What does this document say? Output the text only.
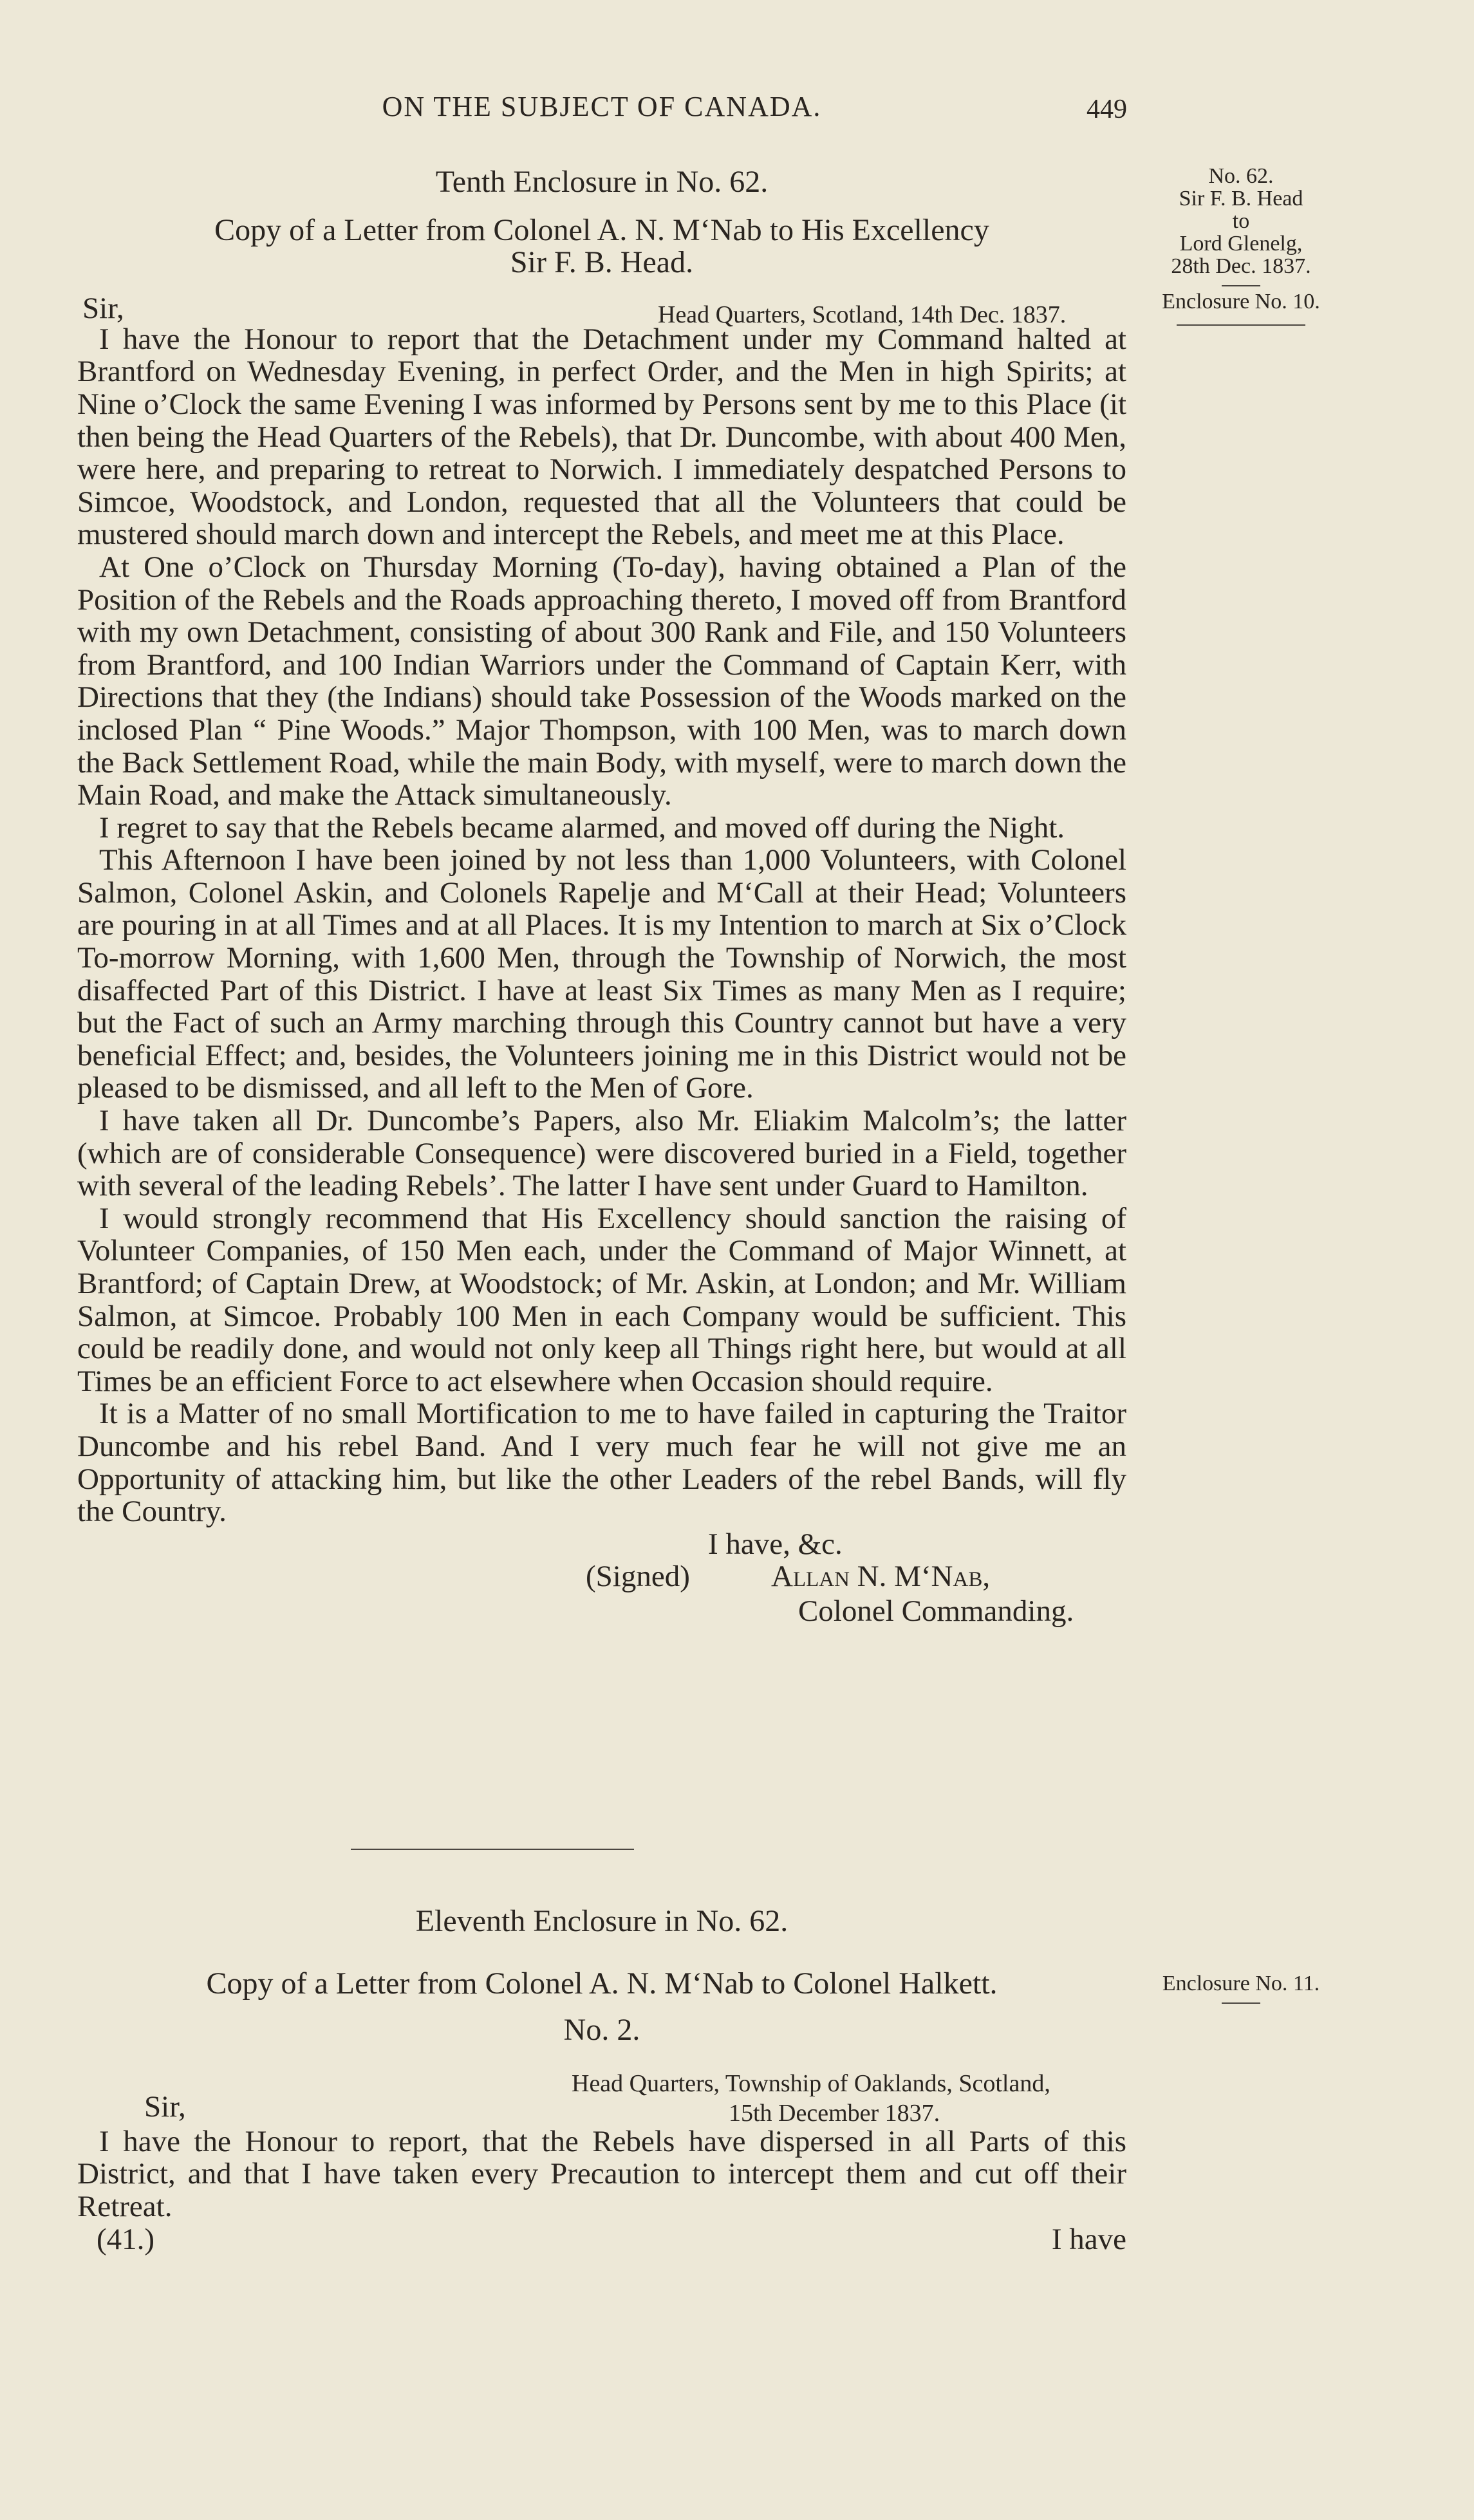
ON THE SUBJECT OF CANADA.	449
Tenth Enclosure in No. 62.
Copy of a Letter from Colonel A. N. M‘Nab to His Excellency
Sir F. B. Head.
Sir,	Head Quarters, Scotland, 14th Dec. 1837.

I have the Honour to report that the Detachment under my Command halted at Brantford on Wednesday Evening, in perfect Order, and the Men in high Spirits; at Nine o’Clock the same Evening I was informed by Persons sent by me to this Place (it then being the Head Quarters of the Rebels), that Dr. Duncombe, with about 400 Men, were here, and preparing to retreat to Norwich. I immediately despatched Persons to Simcoe, Woodstock, and London, requested that all the Volunteers that could be mustered should march down and intercept the Rebels, and meet me at this Place.

At One o’Clock on Thursday Morning (To-day), having obtained a Plan of the Position of the Rebels and the Roads approaching thereto, I moved off from Brantford with my own Detachment, consisting of about 300 Rank and File, and 150 Volunteers from Brantford, and 100 Indian Warriors under the Command of Captain Kerr, with Directions that they (the Indians) should take Possession of the Woods marked on the inclosed Plan “ Pine Woods.” Major Thompson, with 100 Men, was to march down the Back Settlement Road, while the main Body, with myself, were to march down the Main Road, and make the Attack simultaneously.

I regret to say that the Rebels became alarmed, and moved off during the Night.

This Afternoon I have been joined by not less than 1,000 Volunteers, with Colonel Salmon, Colonel Askin, and Colonels Rapelje and M‘Call at their Head; Volunteers are pouring in at all Times and at all Places. It is my Intention to march at Six o’Clock To-morrow Morning, with 1,600 Men, through the Township of Norwich, the most disaffected Part of this District. I have at least Six Times as many Men as I require; but the Fact of such an Army marching through this Country cannot but have a very beneficial Effect; and, besides, the Volunteers joining me in this District would not be pleased to be dismissed, and all left to the Men of Gore.

I have taken all Dr. Duncombe’s Papers, also Mr. Eliakim Malcolm’s; the latter (which are of considerable Consequence) were discovered buried in a Field, together with several of the leading Rebels’. The latter I have sent under Guard to Hamilton.

I would strongly recommend that His Excellency should sanction the raising of Volunteer Companies, of 150 Men each, under the Command of Major Winnett, at Brantford; of Captain Drew, at Woodstock; of Mr. Askin, at London; and Mr. William Salmon, at Simcoe. Probably 100 Men in each Company would be sufficient. This could be readily done, and would not only keep all Things right here, but would at all Times be an efficient Force to act elsewhere when Occasion should require.

It is a Matter of no small Mortification to me to have failed in capturing the Traitor Duncombe and his rebel Band. And I very much fear he will not give me an Opportunity of attacking him, but like the other Leaders of the rebel Bands, will fly the Country.

I have, &c.
(Signed)	Allan N. M‘Nab,
Colonel Commanding.
Eleventh Enclosure in No. 62.
Copy of a Letter from Colonel A. N. M‘Nab to Colonel Halkett.
No. 2.
Head Quarters, Township of Oaklands, Scotland,
Sir,	15th December 1837.

I have the Honour to report, that the Rebels have dispersed in all Parts of this District, and that I have taken every Precaution to intercept them and cut off their Retreat.

(41.)	I have
No. 62.
Sir F. B. Head
to
Lord Glenelg,
28th Dec. 1837.
Enclosure No. 10.
Enclosure No. 11.
